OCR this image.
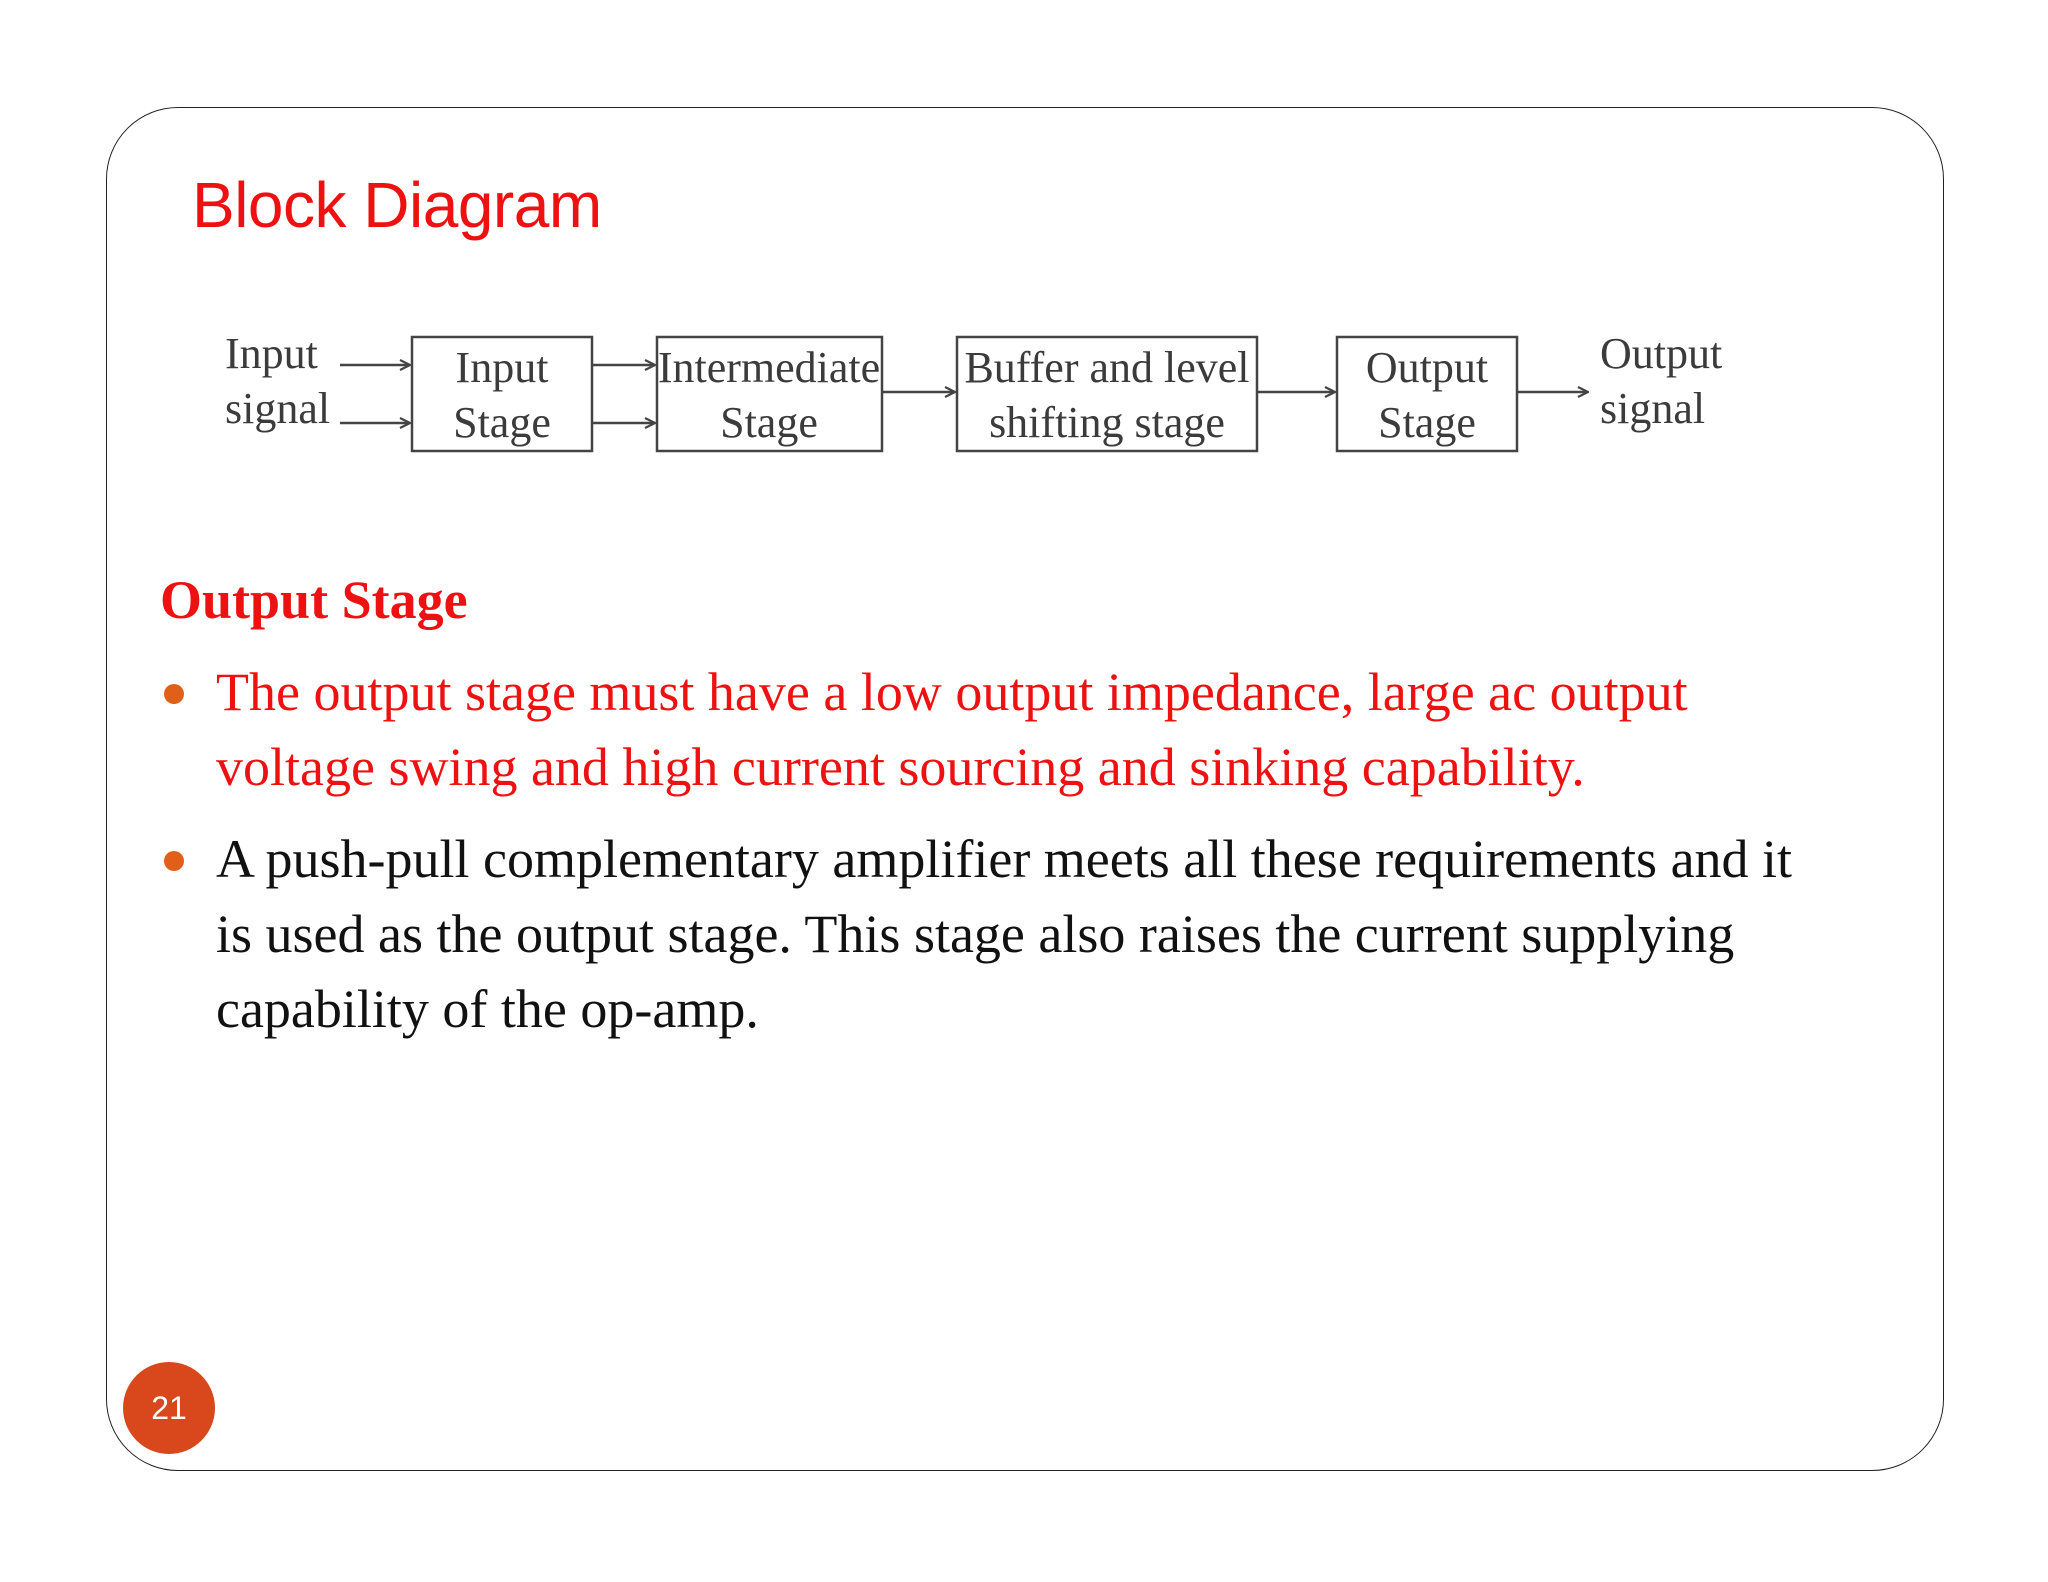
Block Diagram
Input
signal
Input
Stage
Intermediate
Stage
Buffer and level
shifting stage
Output
Stage
Output
signal
Output Stage
The output stage must have a low output impedance, large ac output voltage swing and high current sourcing and sinking capability.
A push-pull complementary amplifier meets all these requirements and it is used as the output stage. This stage also raises the current supplying capability of the op-amp.
21
